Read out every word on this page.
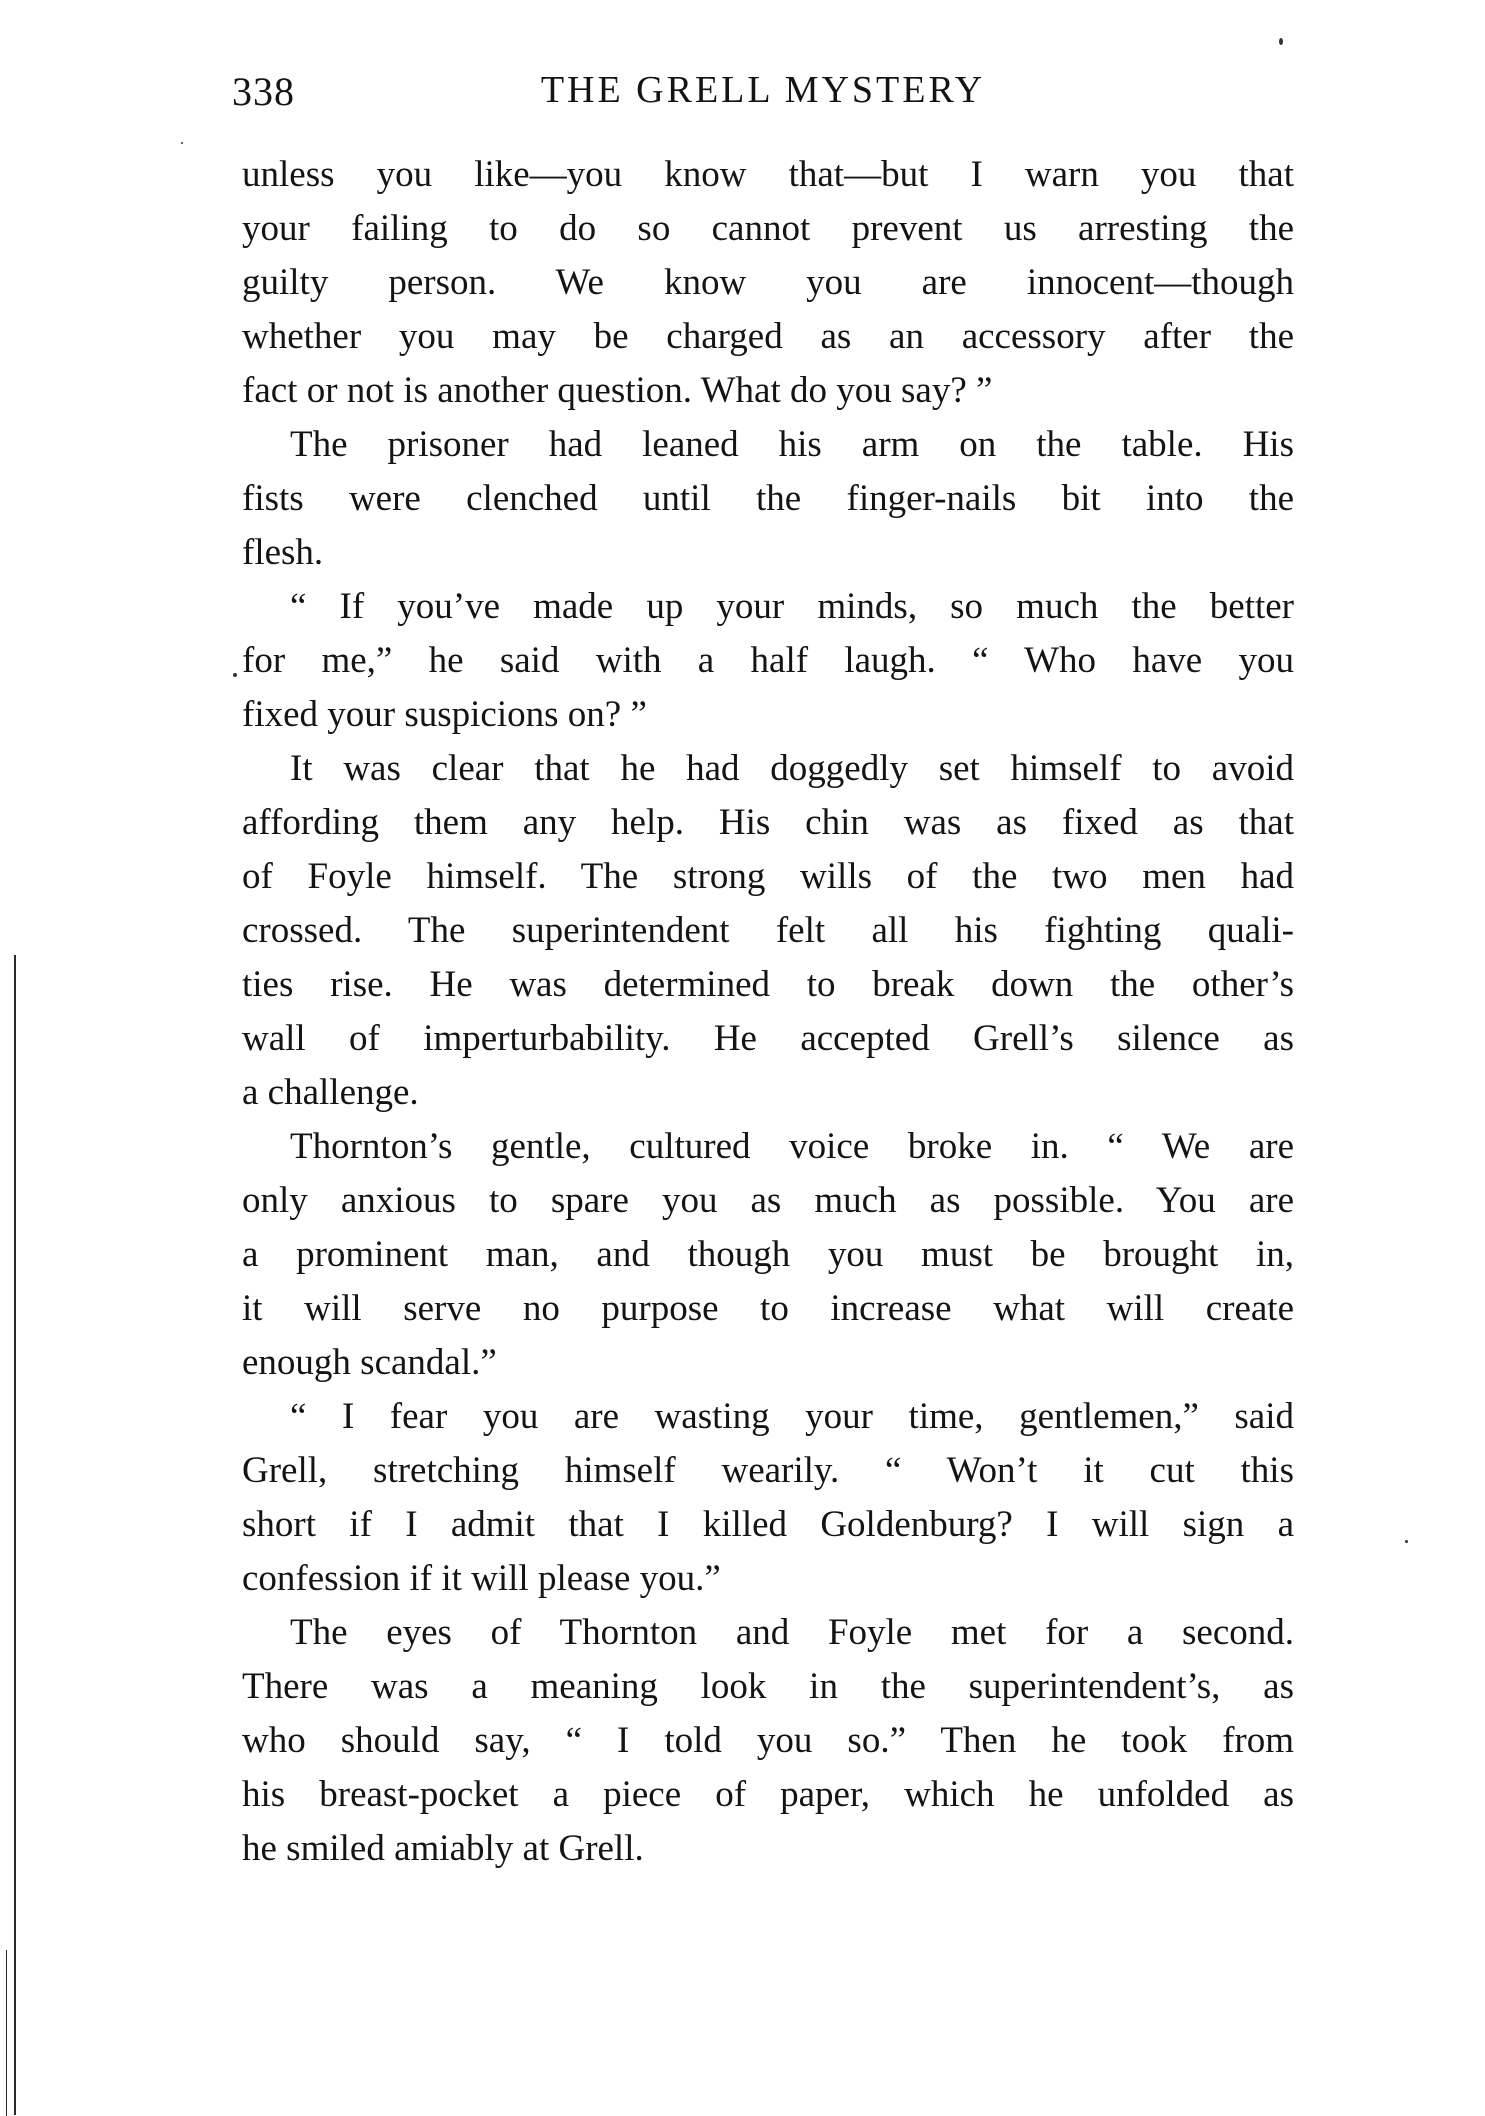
338	THE GRELL MYSTERY
unless you like—you know that—but I warn you that
your failing to do so cannot prevent us arresting the
guilty person. We know you are innocent—though
whether you may be charged as an accessory after the
fact or not is another question. What do you say? ”
The prisoner had leaned his arm on the table. His
fists were clenched until the finger-nails bit into the
flesh.
“ If you’ve made up your minds, so much the better
for me,” he said with a half laugh. “ Who have you
fixed your suspicions on? ”
It was clear that he had doggedly set himself to avoid
affording them any help. His chin was as fixed as that
of Foyle himself. The strong wills of the two men had
crossed. The superintendent felt all his fighting quali-
ties rise. He was determined to break down the other’s
wall of imperturbability. He accepted Grell’s silence as
a challenge.
Thornton’s gentle, cultured voice broke in. “ We are
only anxious to spare you as much as possible. You are
a prominent man, and though you must be brought in,
it will serve no purpose to increase what will create
enough scandal.”
“ I fear you are wasting your time, gentlemen,” said
Grell, stretching himself wearily. “ Won’t it cut this
short if I admit that I killed Goldenburg? I will sign a
confession if it will please you.”
The eyes of Thornton and Foyle met for a second.
There was a meaning look in the superintendent’s, as
who should say, “ I told you so.” Then he took from
his breast-pocket a piece of paper, which he unfolded as
he smiled amiably at Grell.
